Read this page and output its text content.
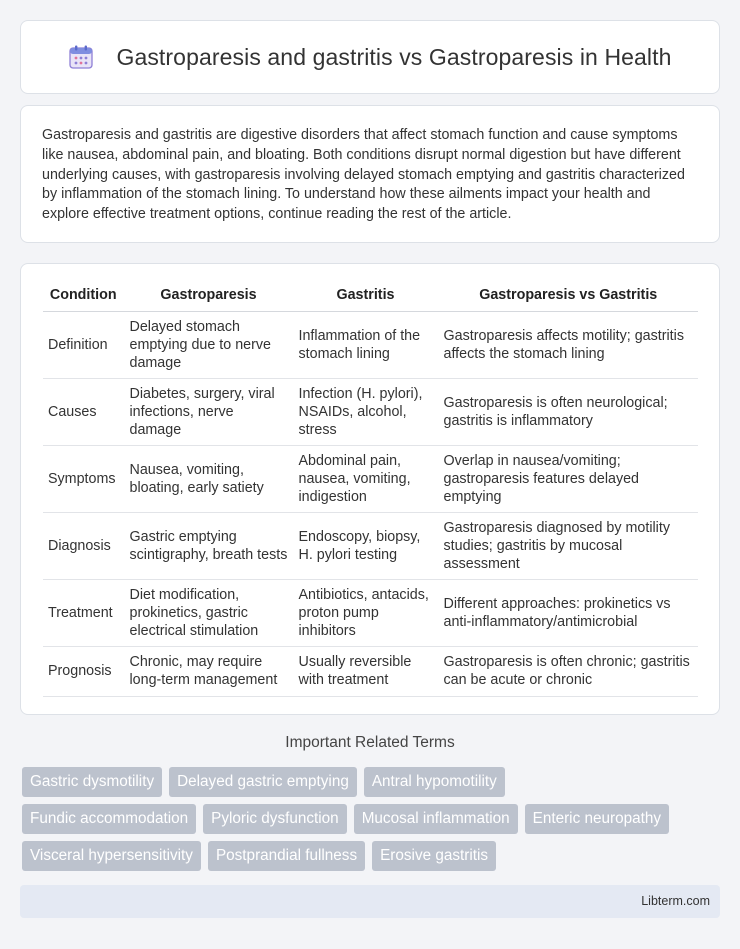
Gastroparesis and gastritis vs Gastroparesis in Health

Gastroparesis and gastritis are digestive disorders that affect stomach function and cause symptoms like nausea, abdominal pain, and bloating. Both conditions disrupt normal digestion but have different underlying causes, with gastroparesis involving delayed stomach emptying and gastritis characterized by inflammation of the stomach lining. To understand how these ailments impact your health and explore effective treatment options, continue reading the rest of the article.

Condition	Gastroparesis	Gastritis	Gastroparesis vs Gastritis
Definition	Delayed stomach emptying due to nerve damage	Inflammation of the stomach lining	Gastroparesis affects motility; gastritis affects the stomach lining
Causes	Diabetes, surgery, viral infections, nerve damage	Infection (H. pylori), NSAIDs, alcohol, stress	Gastroparesis is often neurological; gastritis is inflammatory
Symptoms	Nausea, vomiting, bloating, early satiety	Abdominal pain, nausea, vomiting, indigestion	Overlap in nausea/vomiting; gastroparesis features delayed emptying
Diagnosis	Gastric emptying scintigraphy, breath tests	Endoscopy, biopsy, H. pylori testing	Gastroparesis diagnosed by motility studies; gastritis by mucosal assessment
Treatment	Diet modification, prokinetics, gastric electrical stimulation	Antibiotics, antacids, proton pump inhibitors	Different approaches: prokinetics vs anti-inflammatory/antimicrobial
Prognosis	Chronic, may require long-term management	Usually reversible with treatment	Gastroparesis is often chronic; gastritis can be acute or chronic
Important Related Terms
Gastric dysmotility	Delayed gastric emptying	Antral hypomotility
Fundic accommodation	Pyloric dysfunction	Mucosal inflammation	Enteric neuropathy
Visceral hypersensitivity	Postprandial fullness	Erosive gastritis
Libterm.com
